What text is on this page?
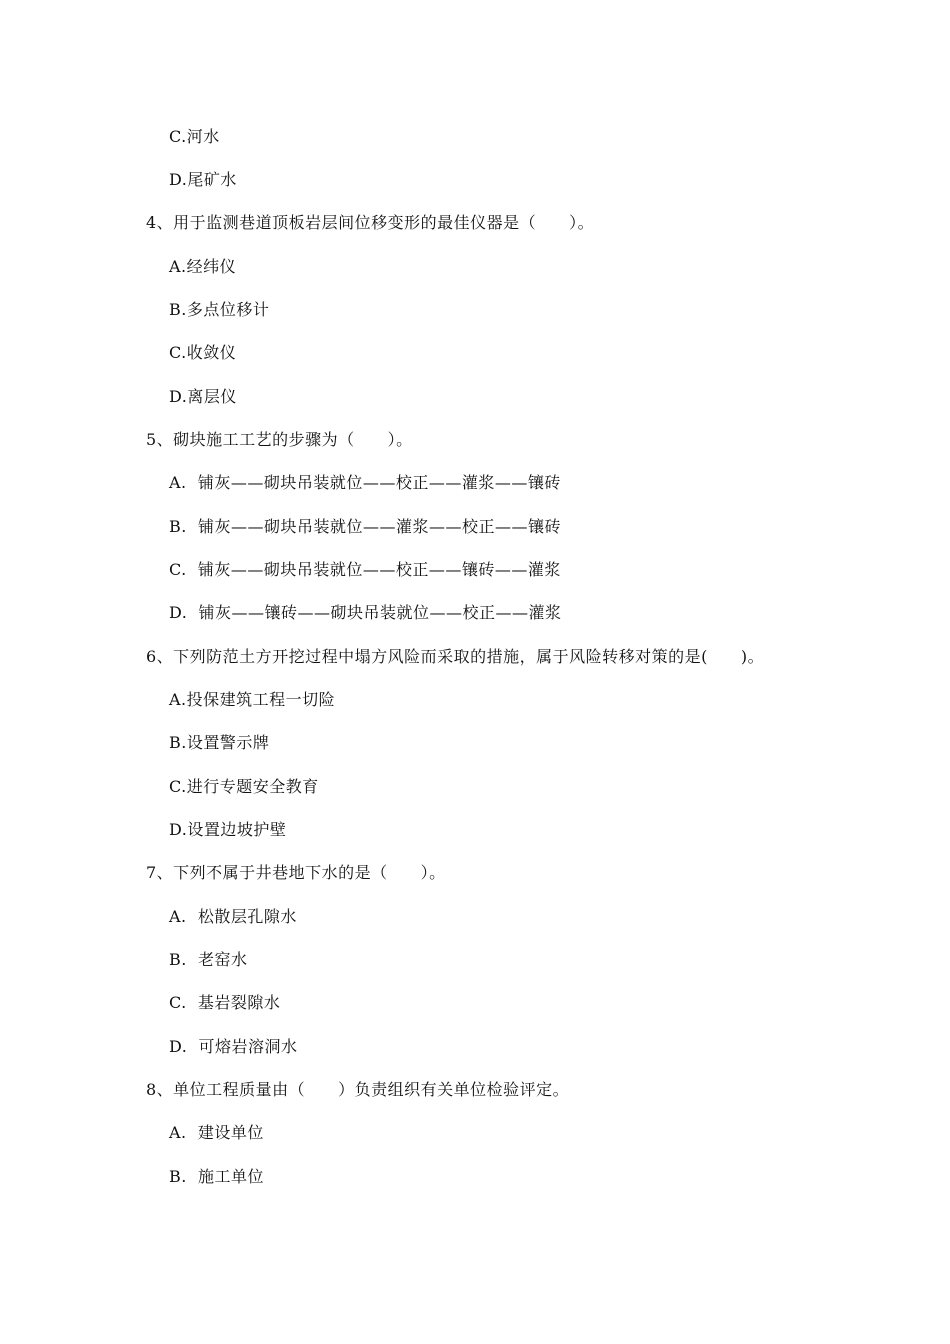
C.河水
D.尾矿水
4、用于监测巷道顶板岩层间位移变形的最佳仪器是（　　）。
A.经纬仪
B.多点位移计
C.收敛仪
D.离层仪
5、砌块施工工艺的步骤为（　　）。
A.  铺灰——砌块吊装就位——校正——灌浆——镶砖
B.  铺灰——砌块吊装就位——灌浆——校正——镶砖
C.  铺灰——砌块吊装就位——校正——镶砖——灌浆
D.  铺灰——镶砖——砌块吊装就位——校正——灌浆
6、下列防范土方开挖过程中塌方风险而采取的措施，属于风险转移对策的是(　　)。
A.投保建筑工程一切险
B.设置警示牌
C.进行专题安全教育
D.设置边坡护壁
7、下列不属于井巷地下水的是（　　）。
A.  松散层孔隙水
B.  老窑水
C.  基岩裂隙水
D.  可熔岩溶洞水
8、单位工程质量由（　　）负责组织有关单位检验评定。
A.  建设单位
B.  施工单位
